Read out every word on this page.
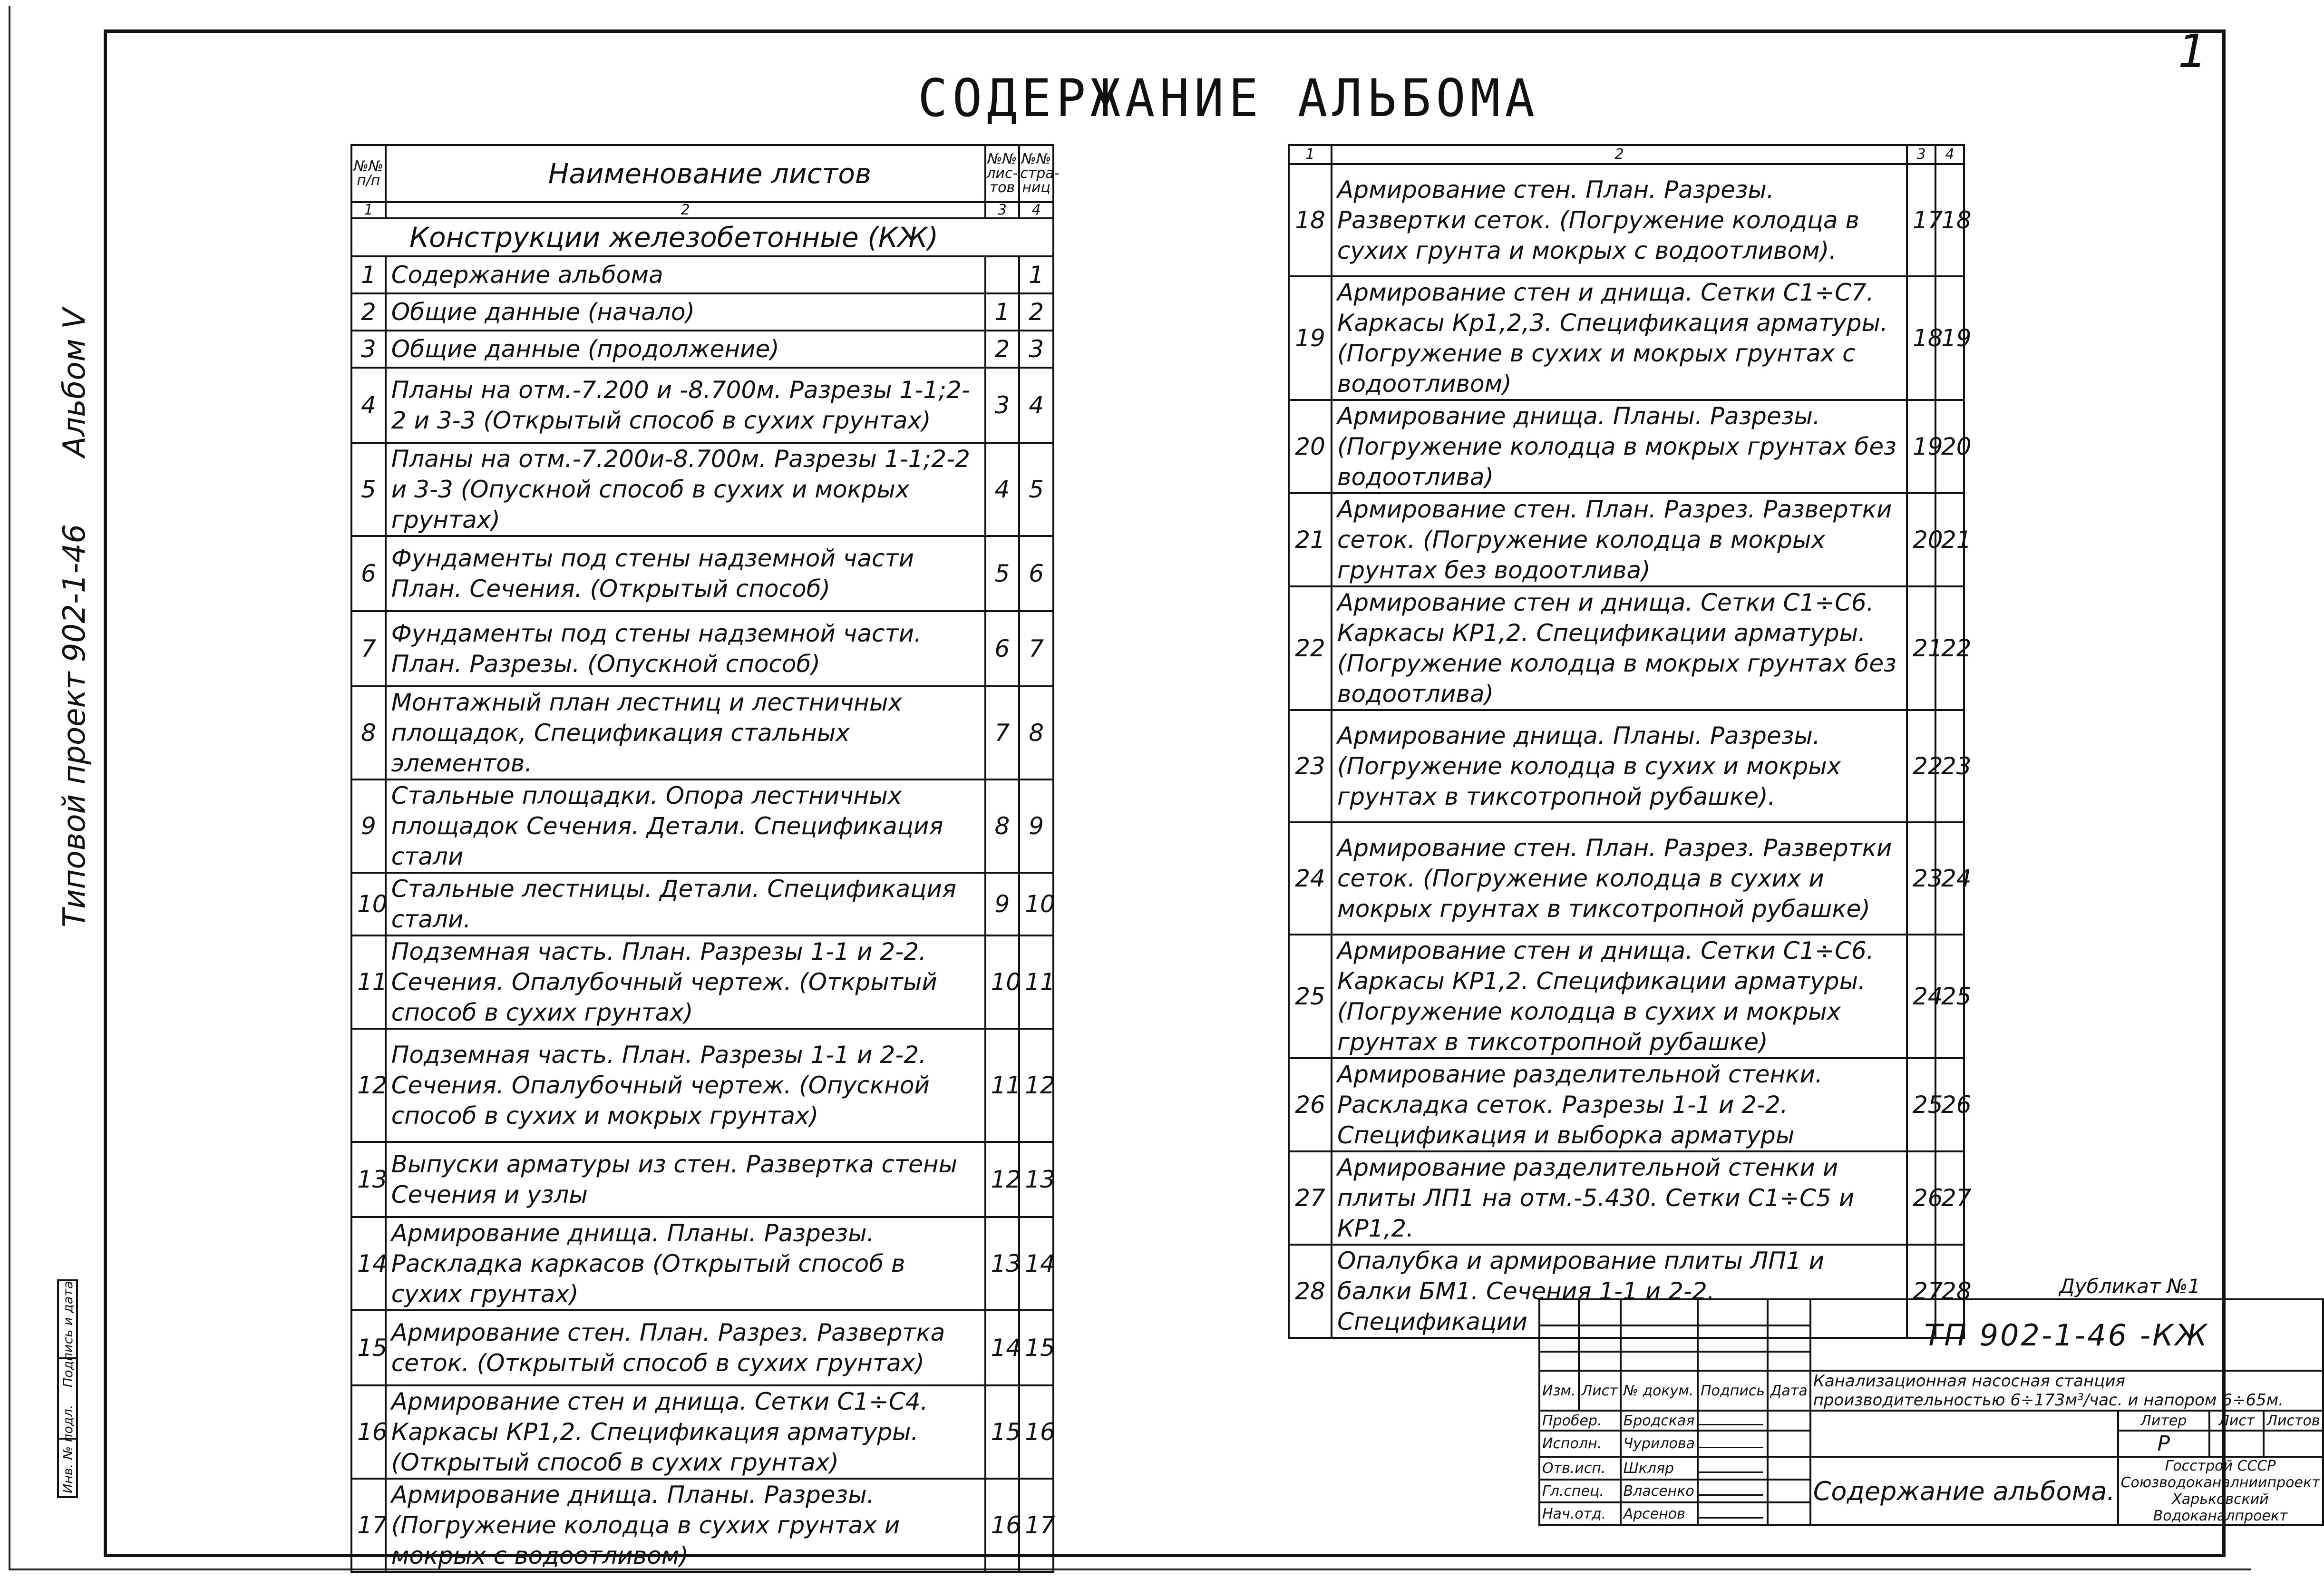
1
СОДЕРЖАНИЕ АЛЬБОМА
Типовой проект 902-1-46 Альбом V
Инв. № подл. Подпись и дата
№№ п/п	Наименование листов	№№ лис- тов	№№ стра- ниц
1	2	3	4
Конструкции железобетонные (КЖ)			
1	Содержание альбома		1
2	Общие данные (начало)	1	2
3	Общие данные (продолжение)	2	3
4	Планы на отм.-7.200 и -8.700м. Разрезы 1-1;2-2 и 3-3 (Открытый способ в сухих грунтах)	3	4
5	Планы на отм.-7.200и-8.700м. Разрезы 1-1;2-2 и 3-3 (Опускной способ в сухих и мокрых грунтах)	4	5
6	Фундаменты под стены надземной части План. Сечения. (Открытый способ)	5	6
7	Фундаменты под стены надземной части. План. Разрезы. (Опускной способ)	6	7
8	Монтажный план лестниц и лестничных площадок, Спецификация стальных элементов.	7	8
9	Стальные площадки. Опора лестничных площадок Сечения. Детали. Спецификация стали	8	9
10	Стальные лестницы. Детали. Спецификация стали.	9	10
11	Подземная часть. План. Разрезы 1-1 и 2-2. Сечения. Опалубочный чертеж. (Открытый способ в сухих грунтах)	10	11
12	Подземная часть. План. Разрезы 1-1 и 2-2. Сечения. Опалубочный чертеж. (Опускной способ в сухих и мокрых грунтах)	11	12
13	Выпуски арматуры из стен. Развертка стены Сечения и узлы	12	13
14	Армирование днища. Планы. Разрезы. Раскладка каркасов (Открытый способ в сухих грунтах)	13	14
15	Армирование стен. План. Разрез. Развертка сеток. (Открытый способ в сухих грунтах)	14	15
16	Армирование стен и днища. Сетки С1÷С4. Каркасы КР1,2. Спецификация арматуры. (Открытый способ в сухих грунтах)	15	16
17	Армирование днища. Планы. Разрезы. (Погружение колодца в сухих грунтах и мокрых с водоотливом)	16	17
1	2	3	4
18	Армирование стен. План. Разрезы. Развертки сеток. (Погружение колодца в сухих грунта и мокрых с водоотливом).	17	18
19	Армирование стен и днища. Сетки С1÷С7. Каркасы Кр1,2,3. Спецификация арматуры. (Погружение в сухих и мокрых грунтах с водоотливом)	18	19
20	Армирование днища. Планы. Разрезы. (Погружение колодца в мокрых грунтах без водоотлива)	19	20
21	Армирование стен. План. Разрез. Развертки сеток. (Погружение колодца в мокрых грунтах без водоотлива)	20	21
22	Армирование стен и днища. Сетки С1÷С6. Каркасы КР1,2. Спецификации арматуры. (Погружение колодца в мокрых грунтах без водоотлива)	21	22
23	Армирование днища. Планы. Разрезы. (Погружение колодца в сухих и мокрых грунтах в тиксотропной рубашке).	22	23
24	Армирование стен. План. Разрез. Развертки сеток. (Погружение колодца в сухих и мокрых грунтах в тиксотропной рубашке)	23	24
25	Армирование стен и днища. Сетки С1÷С6. Каркасы КР1,2. Спецификации арматуры. (Погружение колодца в сухих и мокрых грунтах в тиксотропной рубашке)	24	25
26	Армирование разделительной стенки. Раскладка сеток. Разрезы 1-1 и 2-2. Спецификация и выборка арматуры	25	26
27	Армирование разделительной стенки и плиты ЛП1 на отм.-5.430. Сетки С1÷С5 и КР1,2.	26	27
28	Опалубка и армирование плиты ЛП1 и балки БМ1. Сечения 1-1 и 2-2. Спецификации	27	28	Дубликат №1
					ТП 902-1-46 -КЖ			

Изм.	Лист	№ докум.	Подпись	Дата	Канализационная насосная станция производительностью 6÷173м³/час. и напором 6÷65м.			
Пробер.		Бродская				Литер	Лист	Листов
Исполн.		Чурилова				Р		
Отв.исп.		Шкляр			Содержание альбома.	Госстрой СССР Союзводоканалниипроект Харьковский Водоканалпроект		
Гл.спец.		Власенко						
Нач.отд.		Арсенов						
